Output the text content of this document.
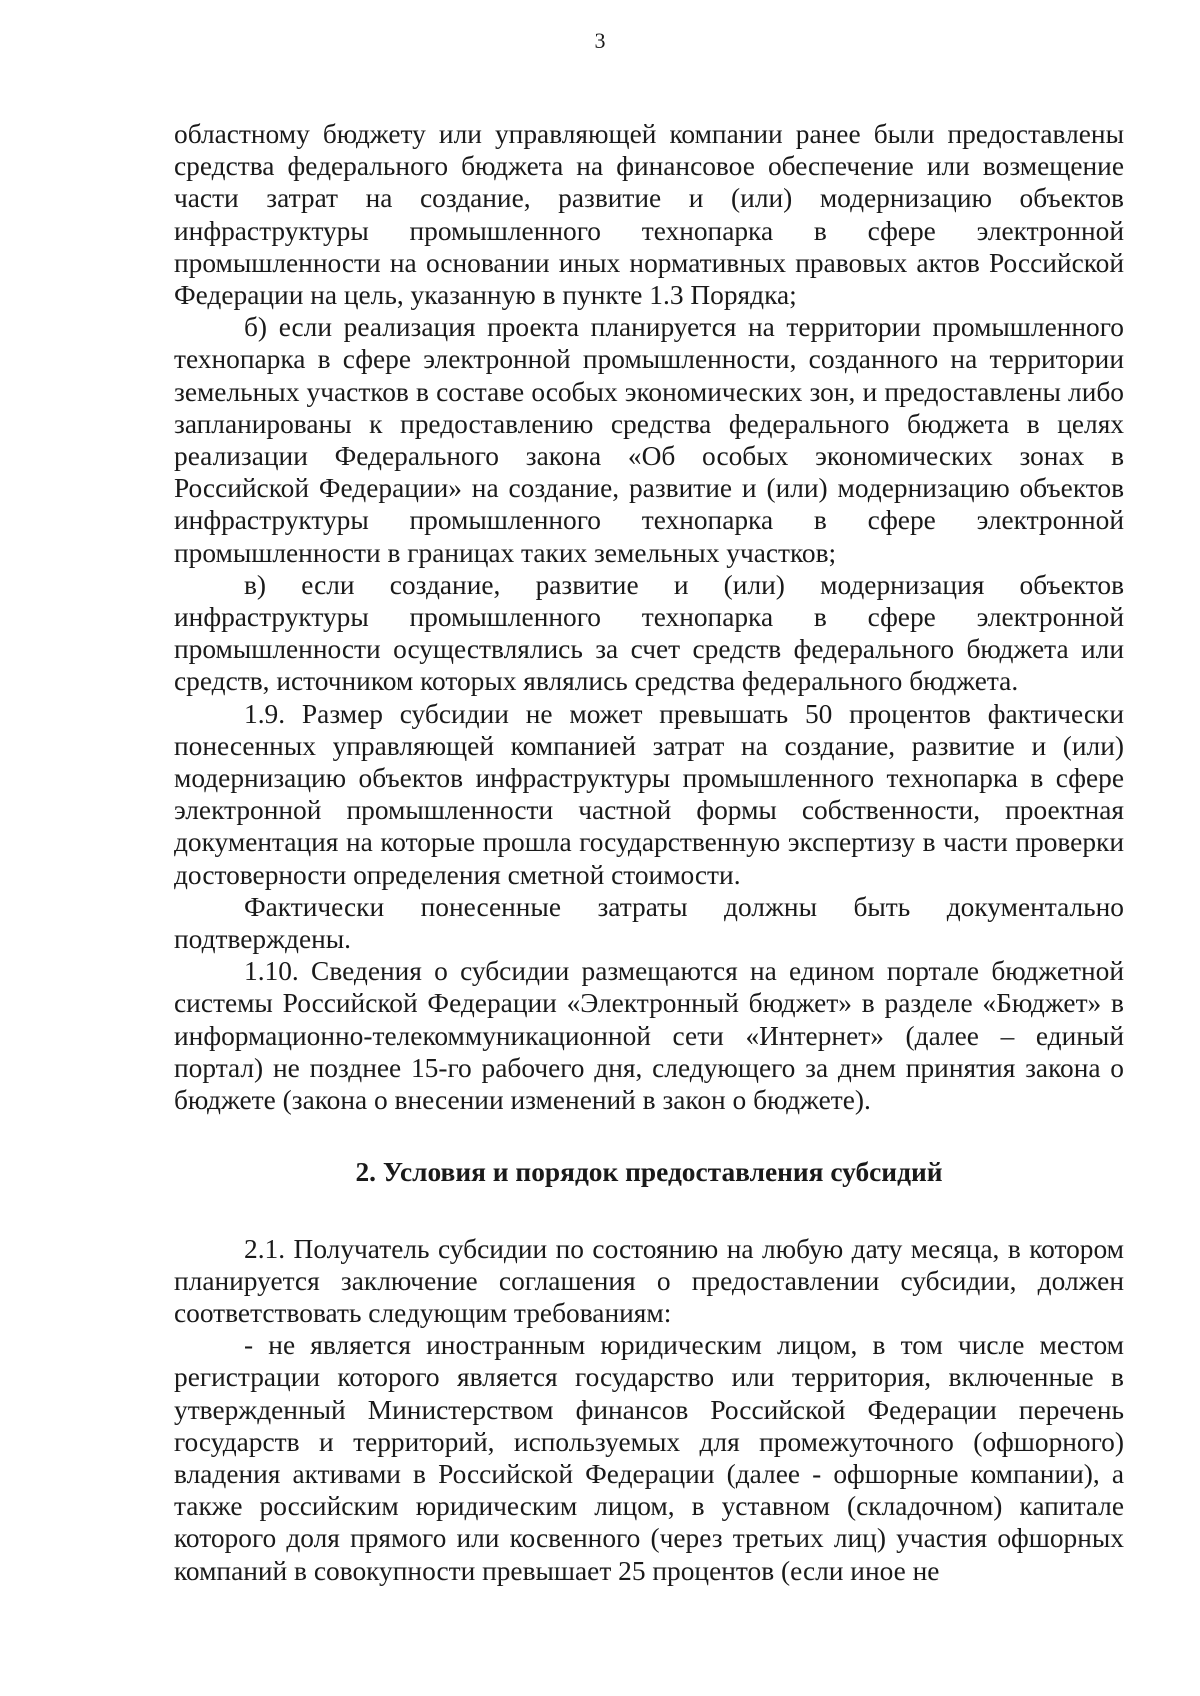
3

областному бюджету или управляющей компании ранее были предоставлены средства федерального бюджета на финансовое обеспечение или возмещение части затрат на создание, развитие и (или) модернизацию объектов инфраструктуры промышленного технопарка в сфере электронной промышленности на основании иных нормативных правовых актов Российской Федерации на цель, указанную в пункте 1.3 Порядка;

б) если реализация проекта планируется на территории промышленного технопарка в сфере электронной промышленности, созданного на территории земельных участков в составе особых экономических зон, и предоставлены либо запланированы к предоставлению средства федерального бюджета в целях реализации Федерального закона «Об особых экономических зонах в Российской Федерации» на создание, развитие и (или) модернизацию объектов инфраструктуры промышленного технопарка в сфере электронной промышленности в границах таких земельных участков;

в) если создание, развитие и (или) модернизация объектов инфраструктуры промышленного технопарка в сфере электронной промышленности осуществлялись за счет средств федерального бюджета или средств, источником которых являлись средства федерального бюджета.

1.9. Размер субсидии не может превышать 50 процентов фактически понесенных управляющей компанией затрат на создание, развитие и (или) модернизацию объектов инфраструктуры промышленного технопарка в сфере электронной промышленности частной формы собственности, проектная документация на которые прошла государственную экспертизу в части проверки достоверности определения сметной стоимости.

Фактически понесенные затраты должны быть документально подтверждены.

1.10. Сведения о субсидии размещаются на едином портале бюджетной системы Российской Федерации «Электронный бюджет» в разделе «Бюджет» в информационно-телекоммуникационной сети «Интернет» (далее – единый портал) не позднее 15-го рабочего дня, следующего за днем принятия закона о бюджете (закона о внесении изменений в закон о бюджете).

2. Условия и порядок предоставления субсидий

2.1. Получатель субсидии по состоянию на любую дату месяца, в котором планируется заключение соглашения о предоставлении субсидии, должен соответствовать следующим требованиям:

- не является иностранным юридическим лицом, в том числе местом регистрации которого является государство или территория, включенные в утвержденный Министерством финансов Российской Федерации перечень государств и территорий, используемых для промежуточного (офшорного) владения активами в Российской Федерации (далее - офшорные компании), а также российским юридическим лицом, в уставном (складочном) капитале которого доля прямого или косвенного (через третьих лиц) участия офшорных компаний в совокупности превышает 25 процентов (если иное не
